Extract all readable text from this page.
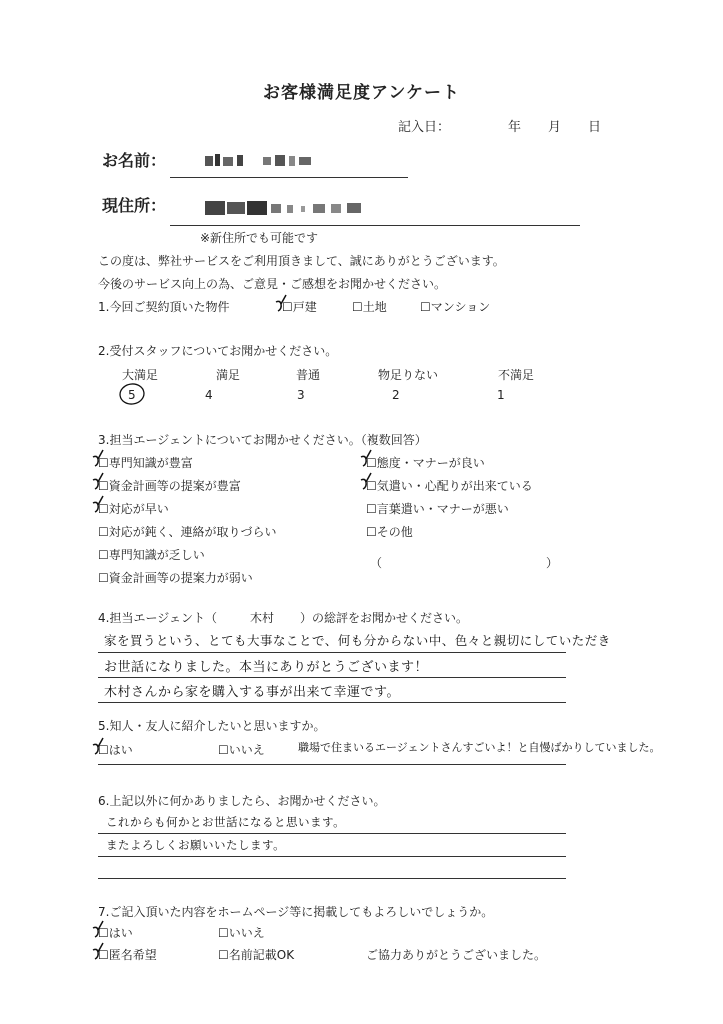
お客様満足度アンケート
記入日：	年 月 日
お名前：
現住所：
※新住所でも可能です
この度は、弊社サービスをご利用頂きまして、誠にありがとうございます。
今後のサービス向上の為、ご意見・ご感想をお聞かせください。
1.今回ご契約頂いた物件	☐戸建	☐土地	☐マンション
2.受付スタッフについてお聞かせください。
大満足	満足	普通	物足りない	不満足
5	4	3	2	1
3.担当エージェントについてお聞かせください。（複数回答）
☐専門知識が豊富
☐資金計画等の提案が豊富
☐対応が早い
☐対応が鈍く、連絡が取りづらい
☐専門知識が乏しい
☐資金計画等の提案力が弱い
☐態度・マナーが良い
☐気遣い・心配りが出来ている
☐言葉遣い・マナーが悪い
☐その他
（	）
4.担当エージェント（	木村 ）の総評をお聞かせください。
家を買うという、とても大事なことで、何も分からない中、色々と親切にしていただき
お世話になりました。本当にありがとうございます！
木村さんから家を購入する事が出来て幸運です。
5.知人・友人に紹介したいと思いますか。
☐はい	☐いいえ	職場で住まいるエージェントさんすごいよ！と自慢ばかりしていました。
6.上記以外に何かありましたら、お聞かせください。
これからも何かとお世話になると思います。
またよろしくお願いいたします。
7.ご記入頂いた内容をホームページ等に掲載してもよろしいでしょうか。
☐はい	☐いいえ
☐匿名希望	☐名前記載OK	ご協力ありがとうございました。
